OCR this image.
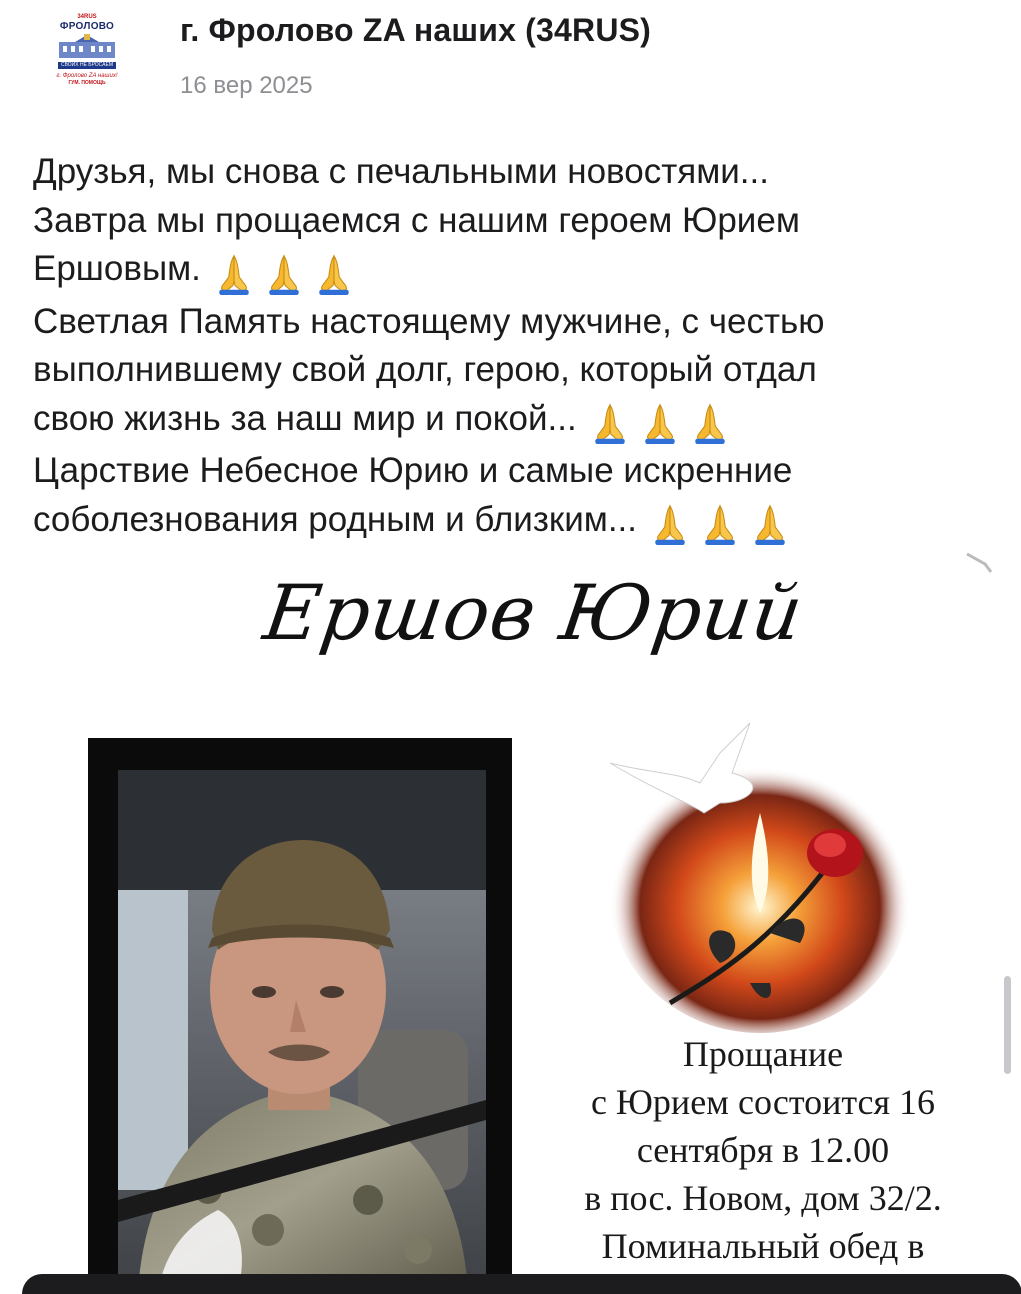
34RUS
ФРОЛОВО
СВОИХ НЕ БРОСАЕМ
г. Фролово ZA наших!
ГУМ. ПОМОЩЬ
г. Фролово ZA наших (34RUS)
16 вер 2025
Друзья, мы снова с печальными новостями...
Завтра мы прощаемся с нашим героем Юрием
Ершовым.
Светлая Память настоящему мужчине, с честью
выполнившему свой долг, герою, который отдал
свою жизнь за наш мир и покой...
Царствие Небесное Юрию и самые искренние
соболезнования родным и близким...
Ершов Юрий
Прощание
с Юрием состоится 16
сентября в 12.00
в пос. Новом, дом 32/2.
Поминальный обед в
